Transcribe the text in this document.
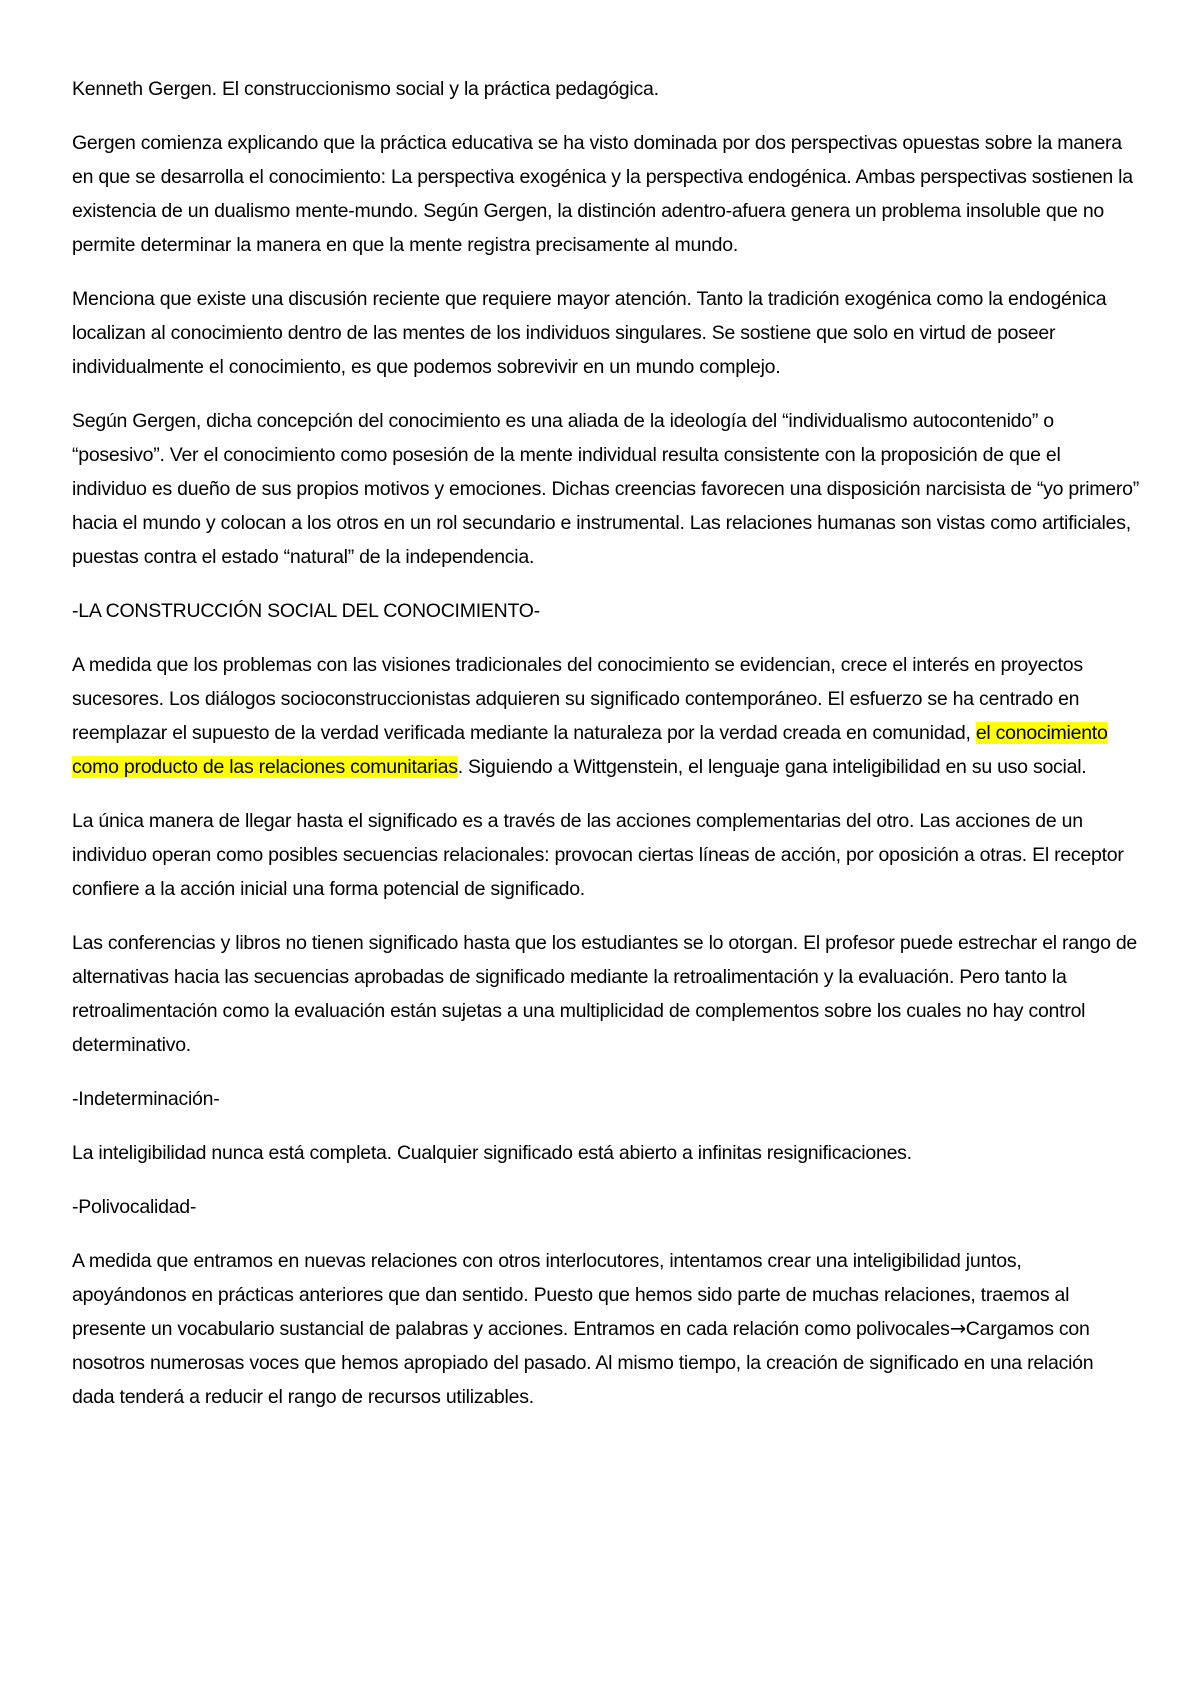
Kenneth Gergen. El construccionismo social y la práctica pedagógica.

Gergen comienza explicando que la práctica educativa se ha visto dominada por dos perspectivas opuestas sobre la manera en que se desarrolla el conocimiento: La perspectiva exogénica y la perspectiva endogénica. Ambas perspectivas sostienen la existencia de un dualismo mente-mundo. Según Gergen, la distinción adentro-afuera genera un problema insoluble que no permite determinar la manera en que la mente registra precisamente al mundo.

Menciona que existe una discusión reciente que requiere mayor atención. Tanto la tradición exogénica como la endogénica localizan al conocimiento dentro de las mentes de los individuos singulares. Se sostiene que solo en virtud de poseer individualmente el conocimiento, es que podemos sobrevivir en un mundo complejo.

Según Gergen, dicha concepción del conocimiento es una aliada de la ideología del “individualismo autocontenido” o “posesivo”. Ver el conocimiento como posesión de la mente individual resulta consistente con la proposición de que el individuo es dueño de sus propios motivos y emociones. Dichas creencias favorecen una disposición narcisista de “yo primero” hacia el mundo y colocan a los otros en un rol secundario e instrumental. Las relaciones humanas son vistas como artificiales, puestas contra el estado “natural” de la independencia.

-LA CONSTRUCCIÓN SOCIAL DEL CONOCIMIENTO-

A medida que los problemas con las visiones tradicionales del conocimiento se evidencian, crece el interés en proyectos sucesores. Los diálogos socioconstruccionistas adquieren su significado contemporáneo. El esfuerzo se ha centrado en reemplazar el supuesto de la verdad verificada mediante la naturaleza por la verdad creada en comunidad, el conocimiento como producto de las relaciones comunitarias. Siguiendo a Wittgenstein, el lenguaje gana inteligibilidad en su uso social.

La única manera de llegar hasta el significado es a través de las acciones complementarias del otro. Las acciones de un individuo operan como posibles secuencias relacionales: provocan ciertas líneas de acción, por oposición a otras. El receptor confiere a la acción inicial una forma potencial de significado.

Las conferencias y libros no tienen significado hasta que los estudiantes se lo otorgan. El profesor puede estrechar el rango de alternativas hacia las secuencias aprobadas de significado mediante la retroalimentación y la evaluación. Pero tanto la retroalimentación como la evaluación están sujetas a una multiplicidad de complementos sobre los cuales no hay control determinativo.

-Indeterminación-

La inteligibilidad nunca está completa. Cualquier significado está abierto a infinitas resignificaciones.

-Polivocalidad-

A medida que entramos en nuevas relaciones con otros interlocutores, intentamos crear una inteligibilidad juntos, apoyándonos en prácticas anteriores que dan sentido. Puesto que hemos sido parte de muchas relaciones, traemos al presente un vocabulario sustancial de palabras y acciones. Entramos en cada relación como polivocales→Cargamos con nosotros numerosas voces que hemos apropiado del pasado. Al mismo tiempo, la creación de significado en una relación dada tenderá a reducir el rango de recursos utilizables.
